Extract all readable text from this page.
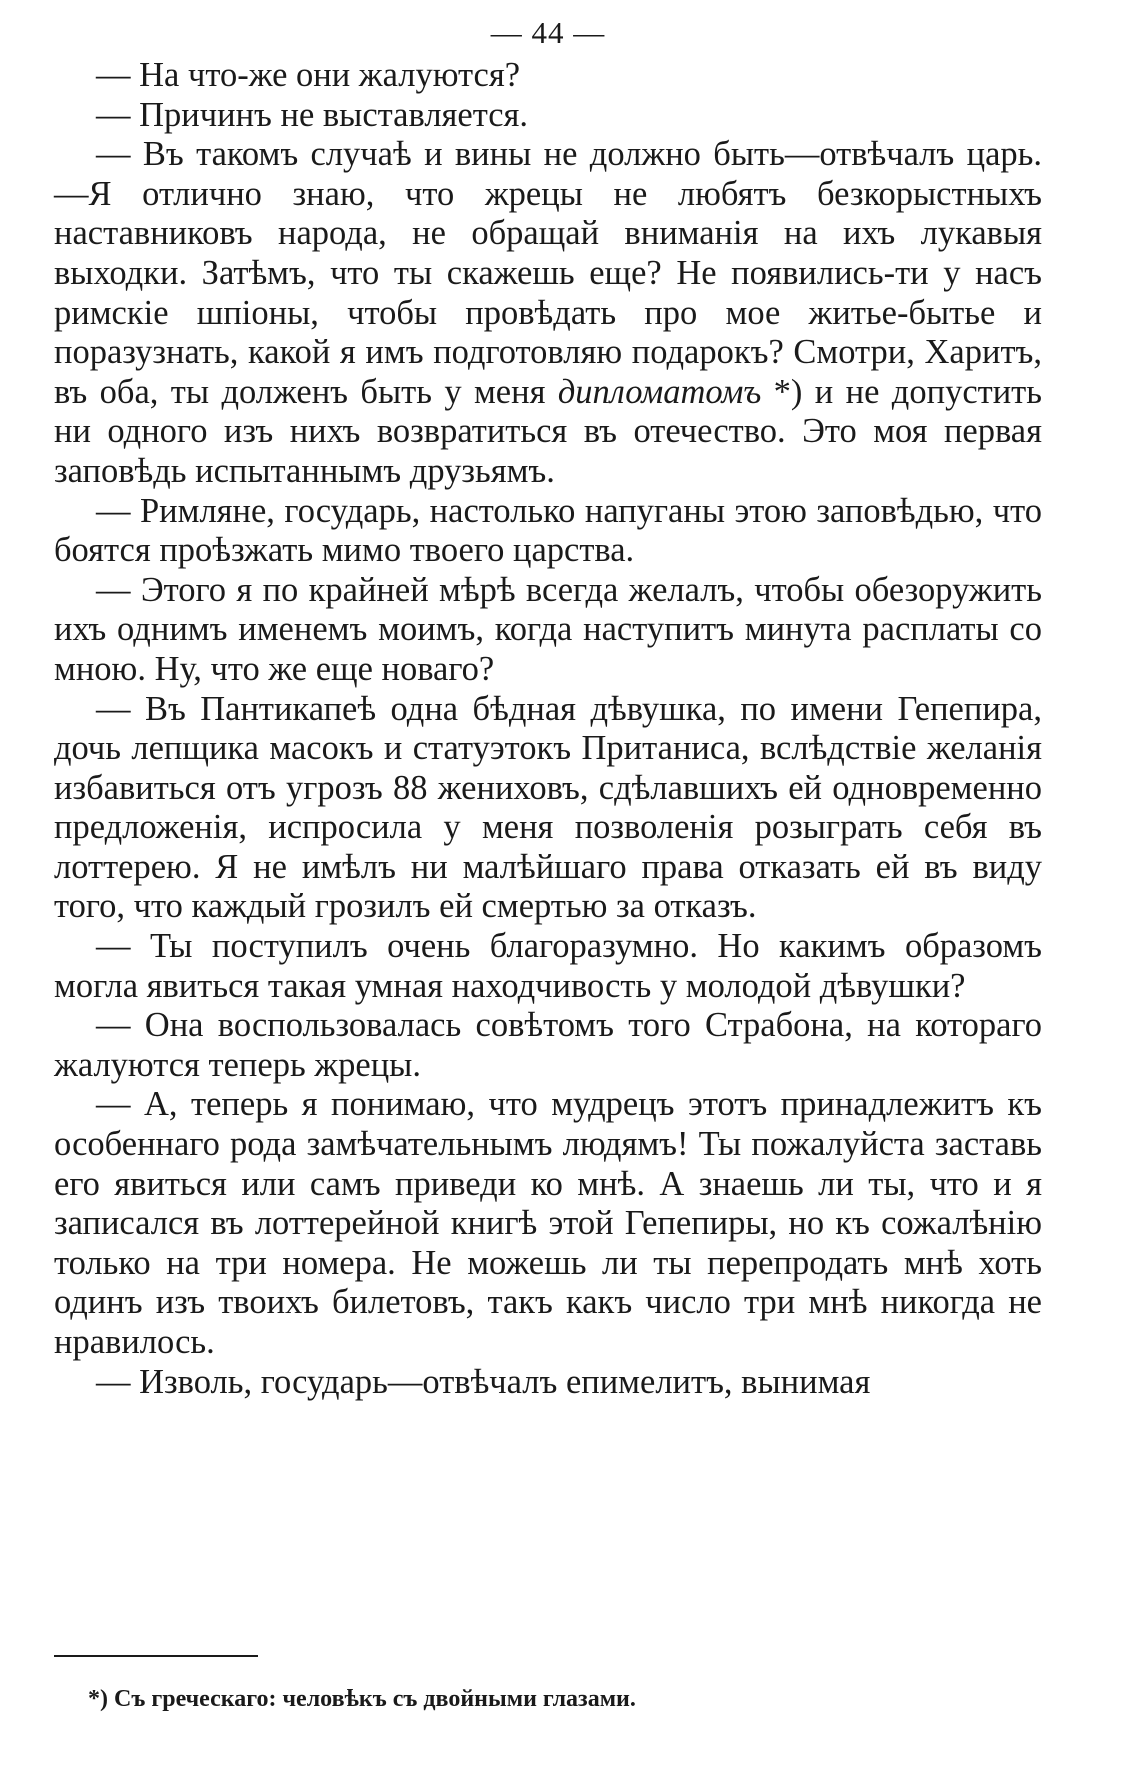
— 44 —

— На что-же они жалуются?

— Причинъ не выставляется.

— Въ такомъ случаѣ и вины не должно быть—отвѣчалъ царь.—Я отлично знаю, что жрецы не любятъ безкорыстныхъ наставниковъ народа, не обращай вниманія на ихъ лукавыя выходки. Затѣмъ, что ты скажешь еще? Не появились-ти у насъ римскіе шпіоны, чтобы провѣдать про мое житье-бытье и поразузнать, какой я имъ подготовляю подарокъ? Смотри, Харитъ, въ оба, ты долженъ быть у меня дипломатомъ *) и не допустить ни одного изъ нихъ возвратиться въ отечество. Это моя первая заповѣдь испытаннымъ друзьямъ.

— Римляне, государь, настолько напуганы этою заповѣдью, что боятся проѣзжать мимо твоего царства.

— Этого я по крайней мѣрѣ всегда желалъ, чтобы обезоружить ихъ однимъ именемъ моимъ, когда наступитъ минута расплаты со мною. Ну, что же еще новаго?

— Въ Пантикапеѣ одна бѣдная дѣвушка, по имени Гепепира, дочь лепщика масокъ и статуэтокъ Пританиса, вслѣдствіе желанія избавиться отъ угрозъ 88 жениховъ, сдѣлавшихъ ей одновременно предложенія, испросила у меня позволенія розыграть себя въ лоттерею. Я не имѣлъ ни малѣйшаго права отказать ей въ виду того, что каждый грозилъ ей смертью за отказъ.

— Ты поступилъ очень благоразумно. Но какимъ образомъ могла явиться такая умная находчивость у молодой дѣвушки?

— Она воспользовалась совѣтомъ того Страбона, на котораго жалуются теперь жрецы.

— А, теперь я понимаю, что мудрецъ этотъ принадлежитъ къ особеннаго рода замѣчательнымъ людямъ! Ты пожалуйста заставь его явиться или самъ приведи ко мнѣ. А знаешь ли ты, что и я записался въ лоттерейной книгѣ этой Гепепиры, но къ сожалѣнію только на три номера. Не можешь ли ты перепродать мнѣ хоть одинъ изъ твоихъ билетовъ, такъ какъ число три мнѣ никогда не нравилось.

— Изволь, государь—отвѣчалъ епимелитъ, вынимая

*) Съ греческаго: человѣкъ съ двойными глазами.
